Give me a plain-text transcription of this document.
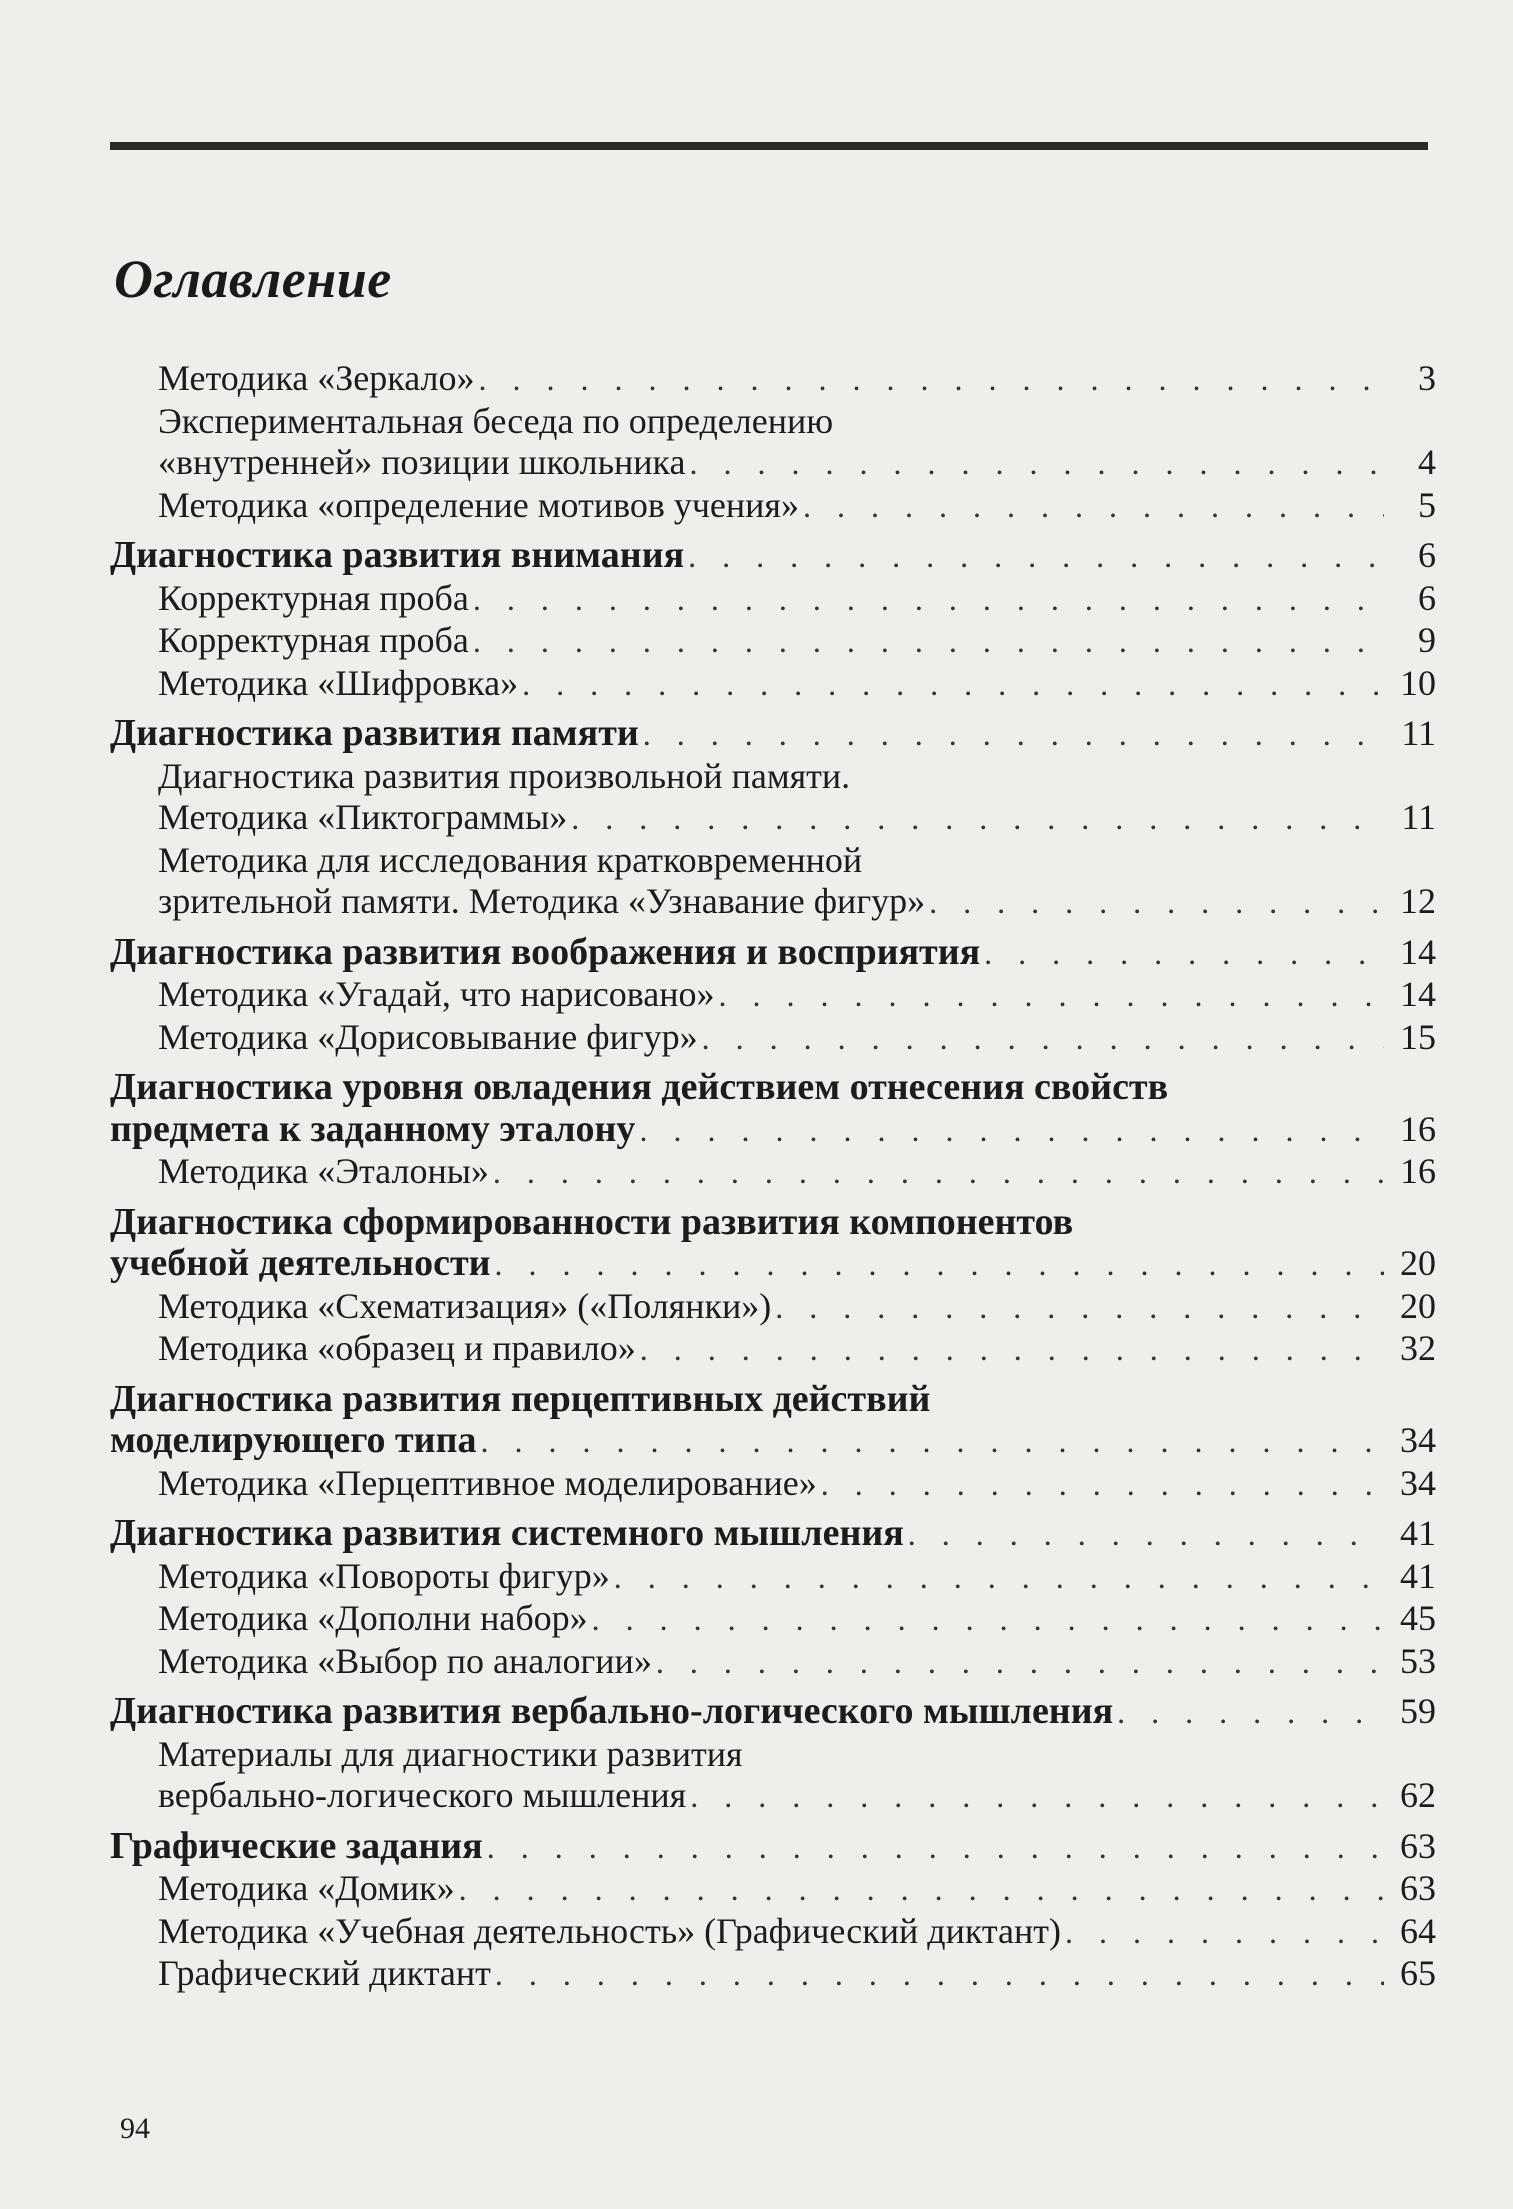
Оглавление
Методика «Зеркало» . . .	3
Экспериментальная беседа по определению
«внутренней» позиции школьника . . .	4
Методика «определение мотивов учения» . . .	5
Диагностика развития внимания . . .	6
Корректурная проба . . .	6
Корректурная проба . . .	9
Методика «Шифровка» . . .	10
Диагностика развития памяти . . .	11
Диагностика развития произвольной памяти.
Методика «Пиктограммы» . . .	11
Методика для исследования кратковременной
зрительной памяти. Методика «Узнавание фигур» . . .	12
Диагностика развития воображения и восприятия . . .	14
Методика «Угадай, что нарисовано» . . .	14
Методика «Дорисовывание фигур» . . .	15
Диагностика уровня овладения действием отнесения свойств
предмета к заданному эталону . . .	16
Методика «Эталоны» . . .	16
Диагностика сформированности развития компонентов
учебной деятельности . . .	20
Методика «Схематизация» («Полянки») . . .	20
Методика «образец и правило» . . .	32
Диагностика развития перцептивных действий
моделирующего типа . . .	34
Методика «Перцептивное моделирование» . . .	34
Диагностика развития системного мышления . . .	41
Методика «Повороты фигур» . . .	41
Методика «Дополни набор» . . .	45
Методика «Выбор по аналогии» . . .	53
Диагностика развития вербально-логического мышления . . .	59
Материалы для диагностики развития
вербально-логического мышления . . .	62
Графические задания . . .	63
Методика «Домик» . . .	63
Методика «Учебная деятельность» (Графический диктант) . . .	64
Графический диктант . . .	65
94
